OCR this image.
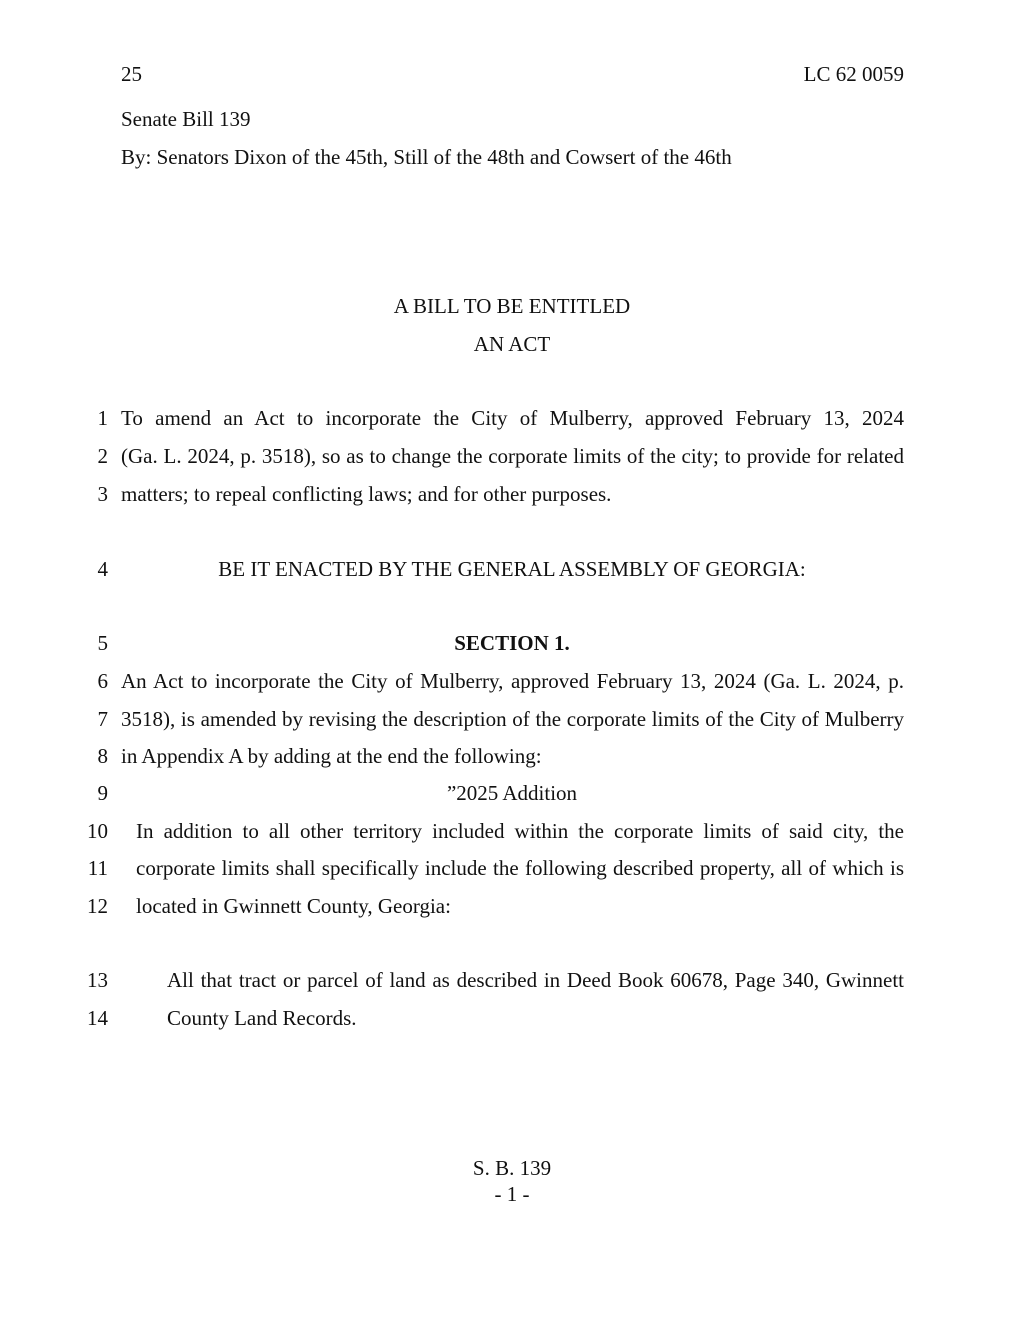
25	LC 62 0059
Senate Bill 139
By: Senators Dixon of the 45th, Still of the 48th and Cowsert of the 46th
A BILL TO BE ENTITLED
AN ACT
1 To amend an Act to incorporate the City of Mulberry, approved February 13, 2024
2 (Ga. L. 2024, p. 3518), so as to change the corporate limits of the city; to provide for related
3 matters; to repeal conflicting laws; and for other purposes.
4	BE IT ENACTED BY THE GENERAL ASSEMBLY OF GEORGIA:
5	SECTION 1.
6 An Act to incorporate the City of Mulberry, approved February 13, 2024 (Ga. L. 2024, p.
7 3518), is amended by revising the description of the corporate limits of the City of Mulberry
8 in Appendix A by adding at the end the following:
9	”2025 Addition
10 In addition to all other territory included within the corporate limits of said city, the
11 corporate limits shall specifically include the following described property, all of which is
12 located in Gwinnett County, Georgia:
13	All that tract or parcel of land as described in Deed Book 60678, Page 340, Gwinnett
14	County Land Records.
S. B. 139
- 1 -
